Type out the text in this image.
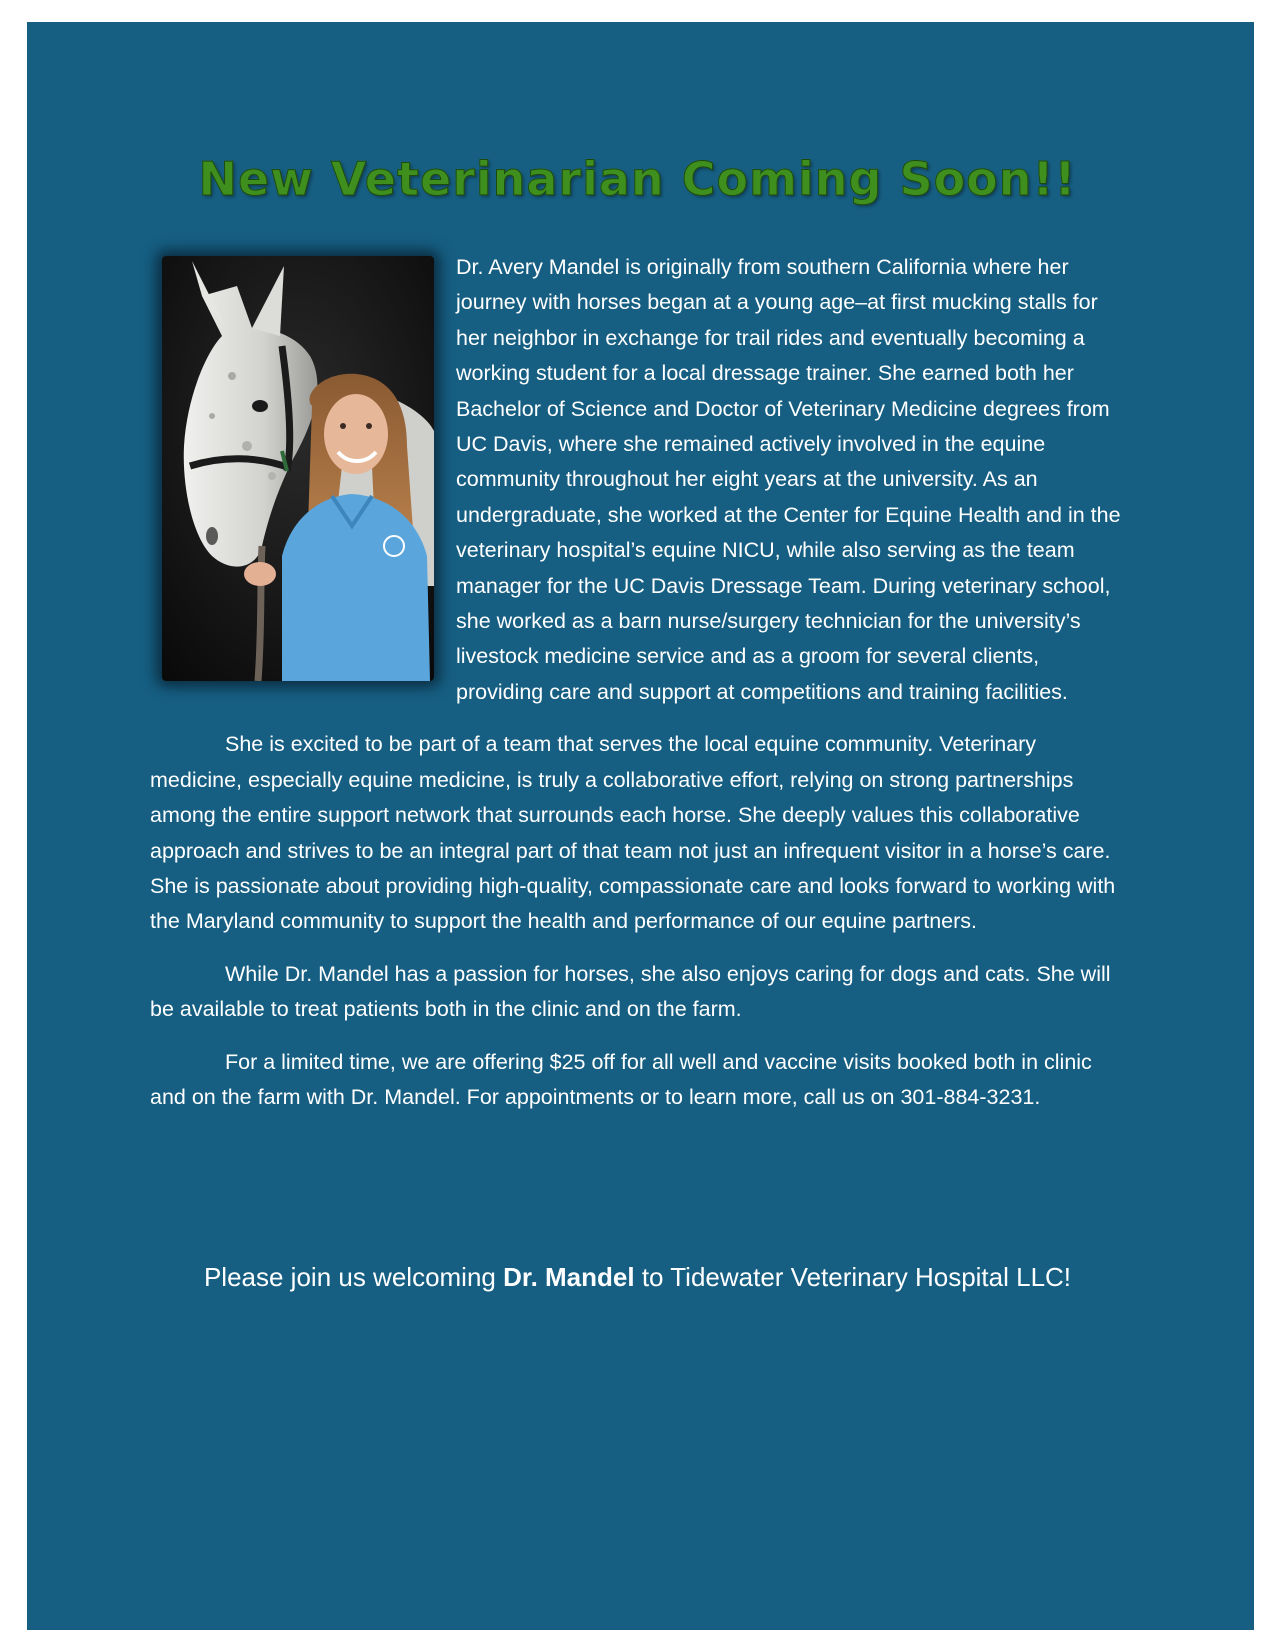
New Veterinarian Coming Soon!!

Dr. Avery Mandel is originally from southern California where her journey with horses began at a young age–at first mucking stalls for her neighbor in exchange for trail rides and eventually becoming a working student for a local dressage trainer. She earned both her Bachelor of Science and Doctor of Veterinary Medicine degrees from UC Davis, where she remained actively involved in the equine community throughout her eight years at the university. As an undergraduate, she worked at the Center for Equine Health and in the veterinary hospital’s equine NICU, while also serving as the team manager for the UC Davis Dressage Team. During veterinary school, she worked as a barn nurse/surgery technician for the university’s livestock medicine service and as a groom for several clients, providing care and support at competitions and training facilities.

She is excited to be part of a team that serves the local equine community. Veterinary medicine, especially equine medicine, is truly a collaborative effort, relying on strong partnerships among the entire support network that surrounds each horse. She deeply values this collaborative approach and strives to be an integral part of that team not just an infrequent visitor in a horse’s care. She is passionate about providing high-quality, compassionate care and looks forward to working with the Maryland community to support the health and performance of our equine partners.

While Dr. Mandel has a passion for horses, she also enjoys caring for dogs and cats. She will be available to treat patients both in the clinic and on the farm.

For a limited time, we are offering $25 off for all well and vaccine visits booked both in clinic and on the farm with Dr. Mandel. For appointments or to learn more, call us on 301-884-3231.

Please join us welcoming Dr. Mandel to Tidewater Veterinary Hospital LLC!
